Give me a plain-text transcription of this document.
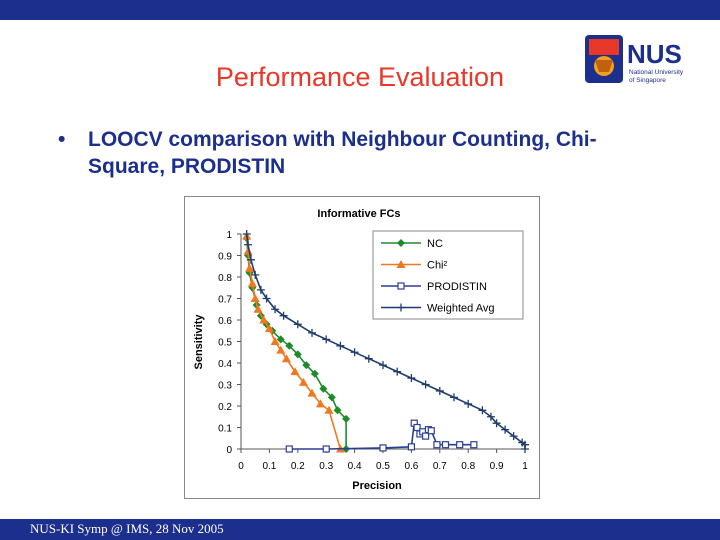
NUS
National University
of Singapore
Performance Evaluation
• LOOCV comparison with Neighbour Counting, Chi-Square, PRODISTIN
Informative FCs
Precision
Sensitivity
0
0.1
0.2
0.3
0.4
0.5
0.6
0.7
0.8
0.9
1
0 0.1 0.2 0.3 0.4 0.5 0.6 0.7 0.8 0.9 1
NC
Chi²
PRODISTIN
Weighted Avg
NUS-KI Symp @ IMS, 28 Nov 2005
